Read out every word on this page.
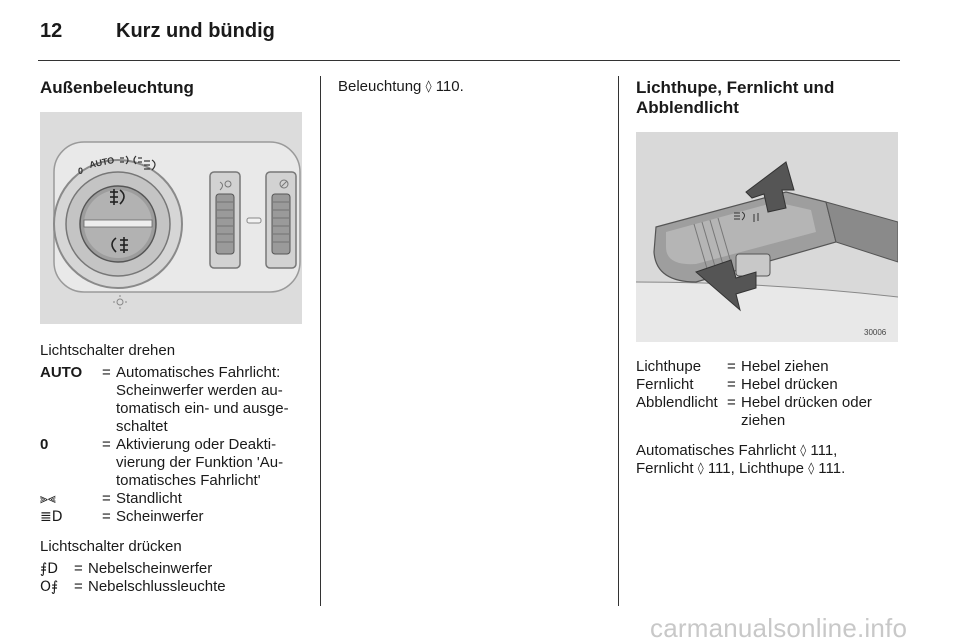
12	Kurz und bündig
Außenbeleuchtung
0
AUTO
Lichtschalter drehen
AUTO	= Automatisches Fahrlicht: Scheinwerfer werden au-tomatisch ein- und ausge-schaltet
0	= Aktivierung oder Deakti-vierung der Funktion 'Au-tomatisches Fahrlicht'
⫸⫷	= Standlicht
≣D	= Scheinwerfer
Lichtschalter drücken
⨎D	= Nebelscheinwerfer
O⨎	= Nebelschlussleuchte
Beleuchtung ◊ 110.	Lichthupe, Fernlicht und Abblendlicht
30006
Lichthupe	= Hebel ziehen
Fernlicht	= Hebel drücken
Abblendlicht = Hebel drücken oder ziehen
Automatisches Fahrlicht ◊ 111,
Fernlicht ◊ 111, Lichthupe ◊ 111.
carmanualsonline.info
